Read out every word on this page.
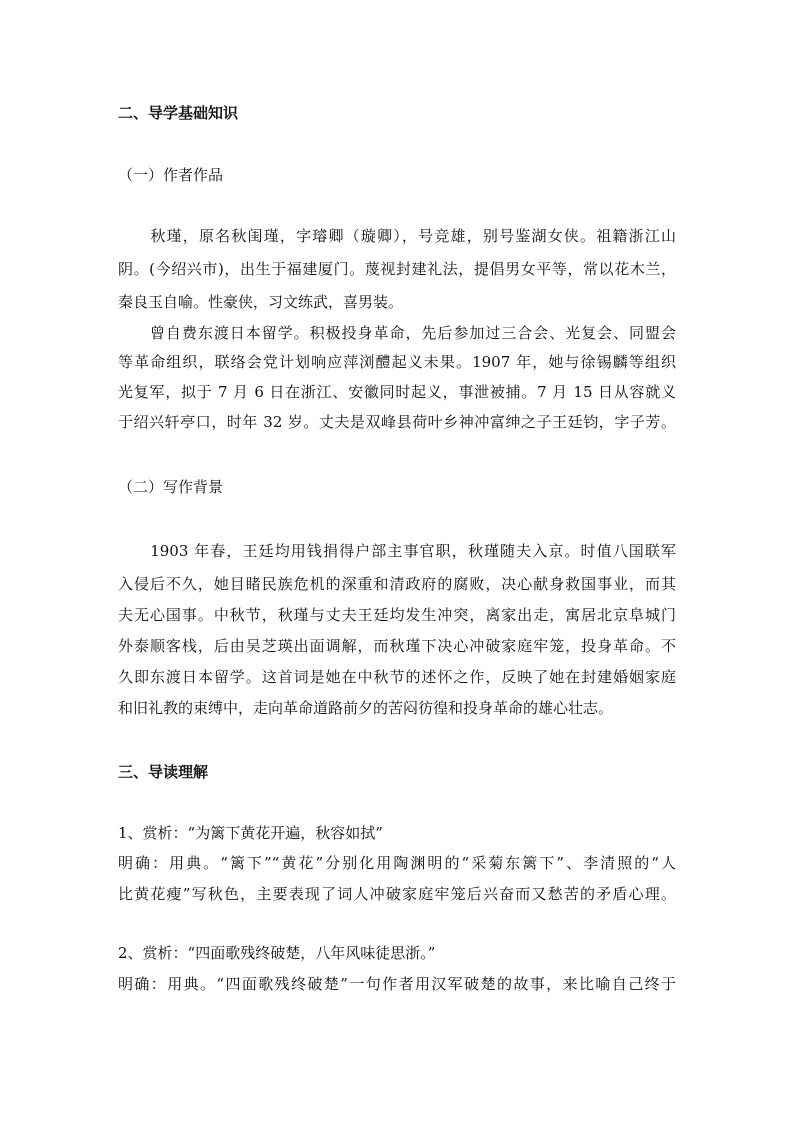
二、导学基础知识
（一）作者作品
　　秋瑾，原名秋闺瑾，字璿卿（璇卿），号竞雄，别号鉴湖女侠。祖籍浙江山
阴。(今绍兴市)，出生于福建厦门。蔑视封建礼法，提倡男女平等，常以花木兰，
秦良玉自喻。性豪侠，习文练武，喜男装。
　　曾自费东渡日本留学。积极投身革命，先后参加过三合会、光复会、同盟会
等革命组织，联络会党计划响应萍浏醴起义未果。1907 年，她与徐锡麟等组织
光复军，拟于 7 月 6 日在浙江、安徽同时起义，事泄被捕。7 月 15 日从容就义
于绍兴轩亭口，时年 32 岁。丈夫是双峰县荷叶乡神冲富绅之子王廷钧，字子芳。
（二）写作背景
　　1903 年春，王廷均用钱捐得户部主事官职，秋瑾随夫入京。时值八国联军
入侵后不久，她目睹民族危机的深重和清政府的腐败，决心献身救国事业，而其
夫无心国事。中秋节，秋瑾与丈夫王廷均发生冲突，离家出走，寓居北京阜城门
外泰顺客栈，后由吴芝瑛出面调解，而秋瑾下决心冲破家庭牢笼，投身革命。不
久即东渡日本留学。这首词是她在中秋节的述怀之作，反映了她在封建婚姻家庭
和旧礼教的束缚中，走向革命道路前夕的苦闷彷徨和投身革命的雄心壮志。
三、导读理解
1、赏析：“为篱下黄花开遍，秋容如拭”
明确：用典。“篱下”“黄花”分别化用陶渊明的“采菊东篱下”、李清照的“人
比黄花瘦”写秋色，主要表现了词人冲破家庭牢笼后兴奋而又愁苦的矛盾心理。
2、赏析：“四面歌残终破楚，八年风味徒思浙。”
明确：用典。“四面歌残终破楚”一句作者用汉军破楚的故事，来比喻自己终于
